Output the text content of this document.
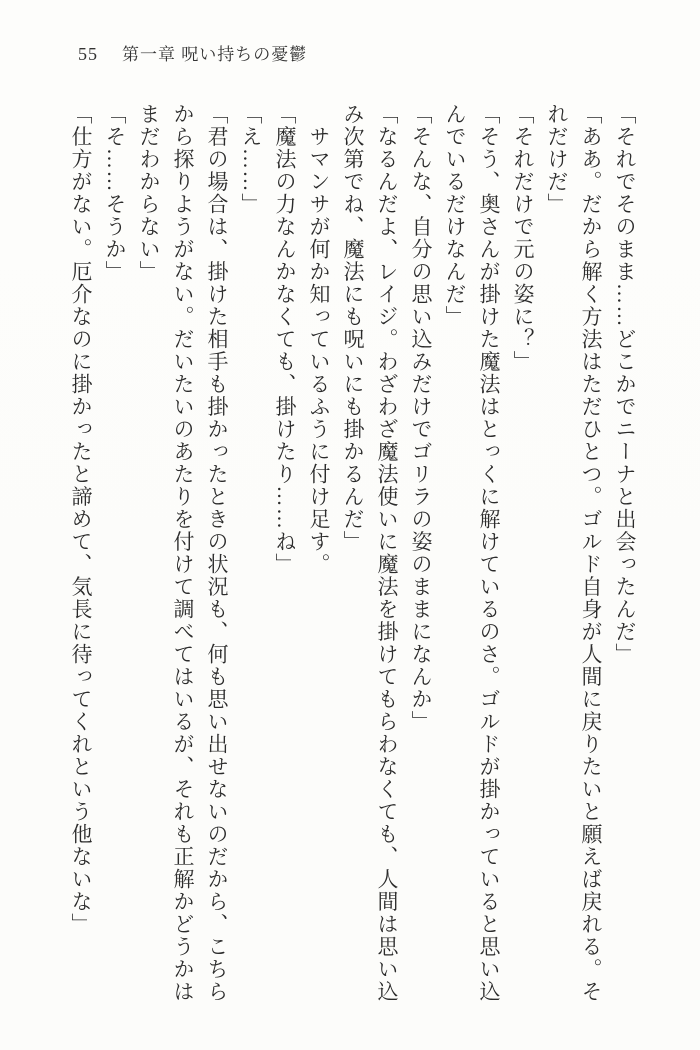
55 第一章 呪い持ちの憂鬱

「それでそのまま……どこかでニーナと出会ったんだ」

「ああ。だから解く方法はただひとつ。ゴルド自身が人間に戻りたいと願えば戻れる。そ

れだけだ」

「それだけで元の姿に？」

「そう、奥さんが掛けた魔法はとっくに解けているのさ。ゴルドが掛かっていると思い込

んでいるだけなんだ」

「そんな、自分の思い込みだけでゴリラの姿のままになんか」

「なるんだよ、レイジ。わざわざ魔法使いに魔法を掛けてもらわなくても、人間は思い込

み次第でね、魔法にも呪いにも掛かるんだ」

　サマンサが何か知っているふうに付け足す。

「魔法の力なんかなくても、掛けたり……ね」

「え……」

「君の場合は、掛けた相手も掛かったときの状況も、何も思い出せないのだから、こちら

から探りようがない。だいたいのあたりを付けて調べてはいるが、それも正解かどうかは

まだわからない」

「そ……そうか」

「仕方がない。厄介なのに掛かったと諦めて、気長に待ってくれという他ないな」
